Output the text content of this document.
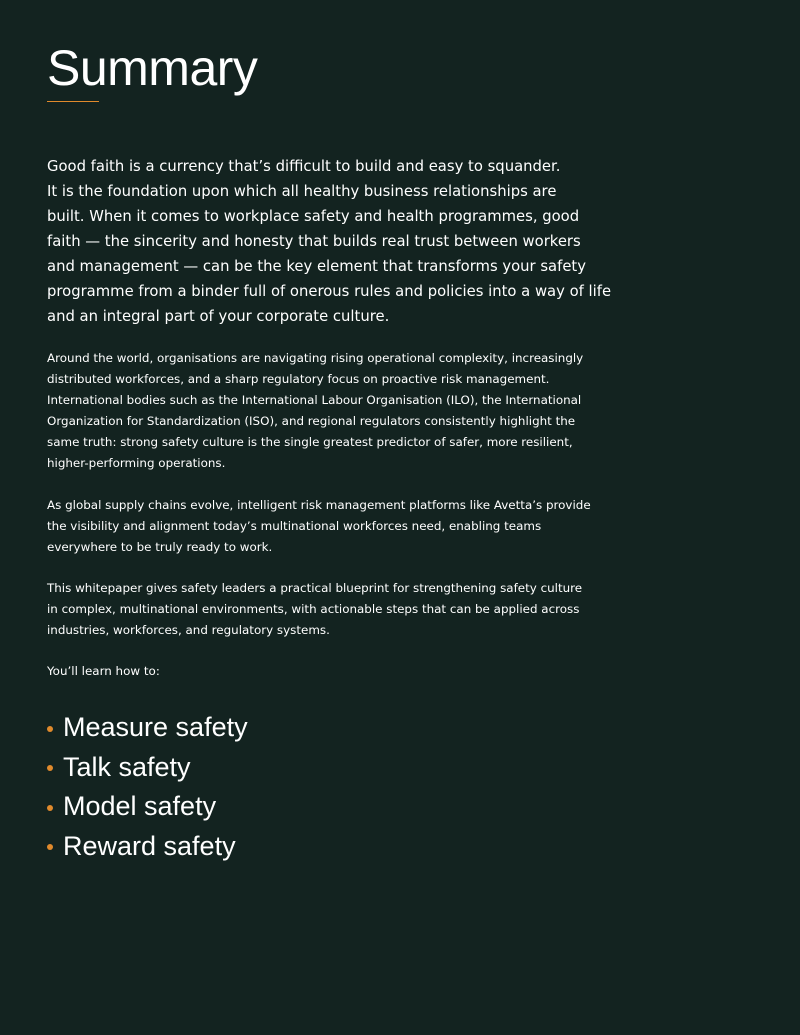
Summary

Good faith is a currency that’s difficult to build and easy to squander.
It is the foundation upon which all healthy business relationships are
built. When it comes to workplace safety and health programmes, good
faith — the sincerity and honesty that builds real trust between workers
and management — can be the key element that transforms your safety
programme from a binder full of onerous rules and policies into a way of life
and an integral part of your corporate culture.

Around the world, organisations are navigating rising operational complexity, increasingly
distributed workforces, and a sharp regulatory focus on proactive risk management.
International bodies such as the International Labour Organisation (ILO), the International
Organization for Standardization (ISO), and regional regulators consistently highlight the
same truth: strong safety culture is the single greatest predictor of safer, more resilient,
higher-performing operations.

As global supply chains evolve, intelligent risk management platforms like Avetta’s provide
the visibility and alignment today’s multinational workforces need, enabling teams
everywhere to be truly ready to work.

This whitepaper gives safety leaders a practical blueprint for strengthening safety culture
in complex, multinational environments, with actionable steps that can be applied across
industries, workforces, and regulatory systems.

You’ll learn how to:

Measure safety
Talk safety
Model safety
Reward safety
